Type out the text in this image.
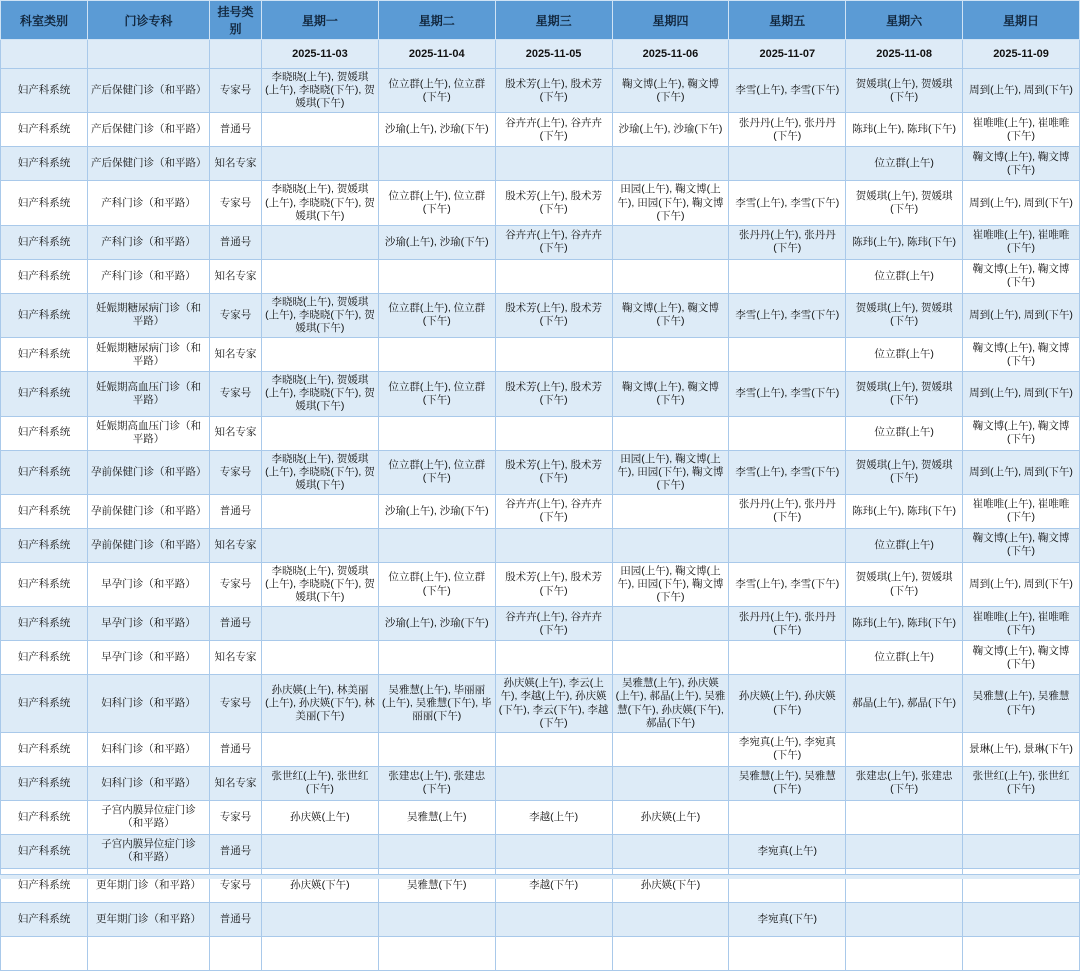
科室类别	门诊专科	挂号类别	星期一	星期二	星期三	星期四	星期五	星期六	星期日
			2025-11-03	2025-11-04	2025-11-05	2025-11-06	2025-11-07	2025-11-08	2025-11-09
妇产科系统	产后保健门诊（和平路）	专家号	李晓晓(上午), 贺媛琪(上午), 李晓晓(下午), 贺媛琪(下午)	位立群(上午), 位立群(下午)	殷术芳(上午), 殷术芳(下午)	鞠文博(上午), 鞠文博(下午)	李雪(上午), 李雪(下午)	贺媛琪(上午), 贺媛琪(下午)	周到(上午), 周到(下午)
妇产科系统	产后保健门诊（和平路）	普通号		沙瑜(上午), 沙瑜(下午)	谷卉卉(上午), 谷卉卉(下午)	沙瑜(上午), 沙瑜(下午)	张丹丹(上午), 张丹丹(下午)	陈玮(上午), 陈玮(下午)	崔唯唯(上午), 崔唯唯(下午)
妇产科系统	产后保健门诊（和平路）	知名专家						位立群(上午)	鞠文博(上午), 鞠文博(下午)
妇产科系统	产科门诊（和平路）	专家号	李晓晓(上午), 贺媛琪(上午), 李晓晓(下午), 贺媛琪(下午)	位立群(上午), 位立群(下午)	殷术芳(上午), 殷术芳(下午)	田园(上午), 鞠文博(上午), 田园(下午), 鞠文博(下午)	李雪(上午), 李雪(下午)	贺媛琪(上午), 贺媛琪(下午)	周到(上午), 周到(下午)
妇产科系统	产科门诊（和平路）	普通号		沙瑜(上午), 沙瑜(下午)	谷卉卉(上午), 谷卉卉(下午)		张丹丹(上午), 张丹丹(下午)	陈玮(上午), 陈玮(下午)	崔唯唯(上午), 崔唯唯(下午)
妇产科系统	产科门诊（和平路）	知名专家						位立群(上午)	鞠文博(上午), 鞠文博(下午)
妇产科系统	妊娠期糖尿病门诊（和平路）	专家号	李晓晓(上午), 贺媛琪(上午), 李晓晓(下午), 贺媛琪(下午)	位立群(上午), 位立群(下午)	殷术芳(上午), 殷术芳(下午)	鞠文博(上午), 鞠文博(下午)	李雪(上午), 李雪(下午)	贺媛琪(上午), 贺媛琪(下午)	周到(上午), 周到(下午)
妇产科系统	妊娠期糖尿病门诊（和平路）	知名专家						位立群(上午)	鞠文博(上午), 鞠文博(下午)
妇产科系统	妊娠期高血压门诊（和平路）	专家号	李晓晓(上午), 贺媛琪(上午), 李晓晓(下午), 贺媛琪(下午)	位立群(上午), 位立群(下午)	殷术芳(上午), 殷术芳(下午)	鞠文博(上午), 鞠文博(下午)	李雪(上午), 李雪(下午)	贺媛琪(上午), 贺媛琪(下午)	周到(上午), 周到(下午)
妇产科系统	妊娠期高血压门诊（和平路）	知名专家						位立群(上午)	鞠文博(上午), 鞠文博(下午)
妇产科系统	孕前保健门诊（和平路）	专家号	李晓晓(上午), 贺媛琪(上午), 李晓晓(下午), 贺媛琪(下午)	位立群(上午), 位立群(下午)	殷术芳(上午), 殷术芳(下午)	田园(上午), 鞠文博(上午), 田园(下午), 鞠文博(下午)	李雪(上午), 李雪(下午)	贺媛琪(上午), 贺媛琪(下午)	周到(上午), 周到(下午)
妇产科系统	孕前保健门诊（和平路）	普通号		沙瑜(上午), 沙瑜(下午)	谷卉卉(上午), 谷卉卉(下午)		张丹丹(上午), 张丹丹(下午)	陈玮(上午), 陈玮(下午)	崔唯唯(上午), 崔唯唯(下午)
妇产科系统	孕前保健门诊（和平路）	知名专家						位立群(上午)	鞠文博(上午), 鞠文博(下午)
妇产科系统	早孕门诊（和平路）	专家号	李晓晓(上午), 贺媛琪(上午), 李晓晓(下午), 贺媛琪(下午)	位立群(上午), 位立群(下午)	殷术芳(上午), 殷术芳(下午)	田园(上午), 鞠文博(上午), 田园(下午), 鞠文博(下午)	李雪(上午), 李雪(下午)	贺媛琪(上午), 贺媛琪(下午)	周到(上午), 周到(下午)
妇产科系统	早孕门诊（和平路）	普通号		沙瑜(上午), 沙瑜(下午)	谷卉卉(上午), 谷卉卉(下午)		张丹丹(上午), 张丹丹(下午)	陈玮(上午), 陈玮(下午)	崔唯唯(上午), 崔唯唯(下午)
妇产科系统	早孕门诊（和平路）	知名专家						位立群(上午)	鞠文博(上午), 鞠文博(下午)
妇产科系统	妇科门诊（和平路）	专家号	孙庆媖(上午), 林美丽(上午), 孙庆媖(下午), 林美丽(下午)	吴雅慧(上午), 毕丽丽(上午), 吴雅慧(下午), 毕丽丽(下午)	孙庆媖(上午), 李云(上午), 李越(上午), 孙庆媖(下午), 李云(下午), 李越(下午)	吴雅慧(上午), 孙庆媖(上午), 郝晶(上午), 吴雅慧(下午), 孙庆媖(下午), 郝晶(下午)	孙庆媖(上午), 孙庆媖(下午)	郝晶(上午), 郝晶(下午)	吴雅慧(上午), 吴雅慧(下午)
妇产科系统	妇科门诊（和平路）	普通号					李宛真(上午), 李宛真(下午)		景琳(上午), 景琳(下午)
妇产科系统	妇科门诊（和平路）	知名专家	张世红(上午), 张世红(下午)	张建忠(上午), 张建忠(下午)			吴雅慧(上午), 吴雅慧(下午)	张建忠(上午), 张建忠(下午)	张世红(上午), 张世红(下午)
妇产科系统	子宫内膜异位症门诊（和平路）	专家号	孙庆媖(上午)	吴雅慧(上午)	李越(上午)	孙庆媖(上午)			
妇产科系统	子宫内膜异位症门诊（和平路）	普通号					李宛真(上午)		
妇产科系统	更年期门诊（和平路）	专家号	孙庆媖(下午)	吴雅慧(下午)	李越(下午)	孙庆媖(下午)			
妇产科系统	更年期门诊（和平路）	普通号					李宛真(下午)		
